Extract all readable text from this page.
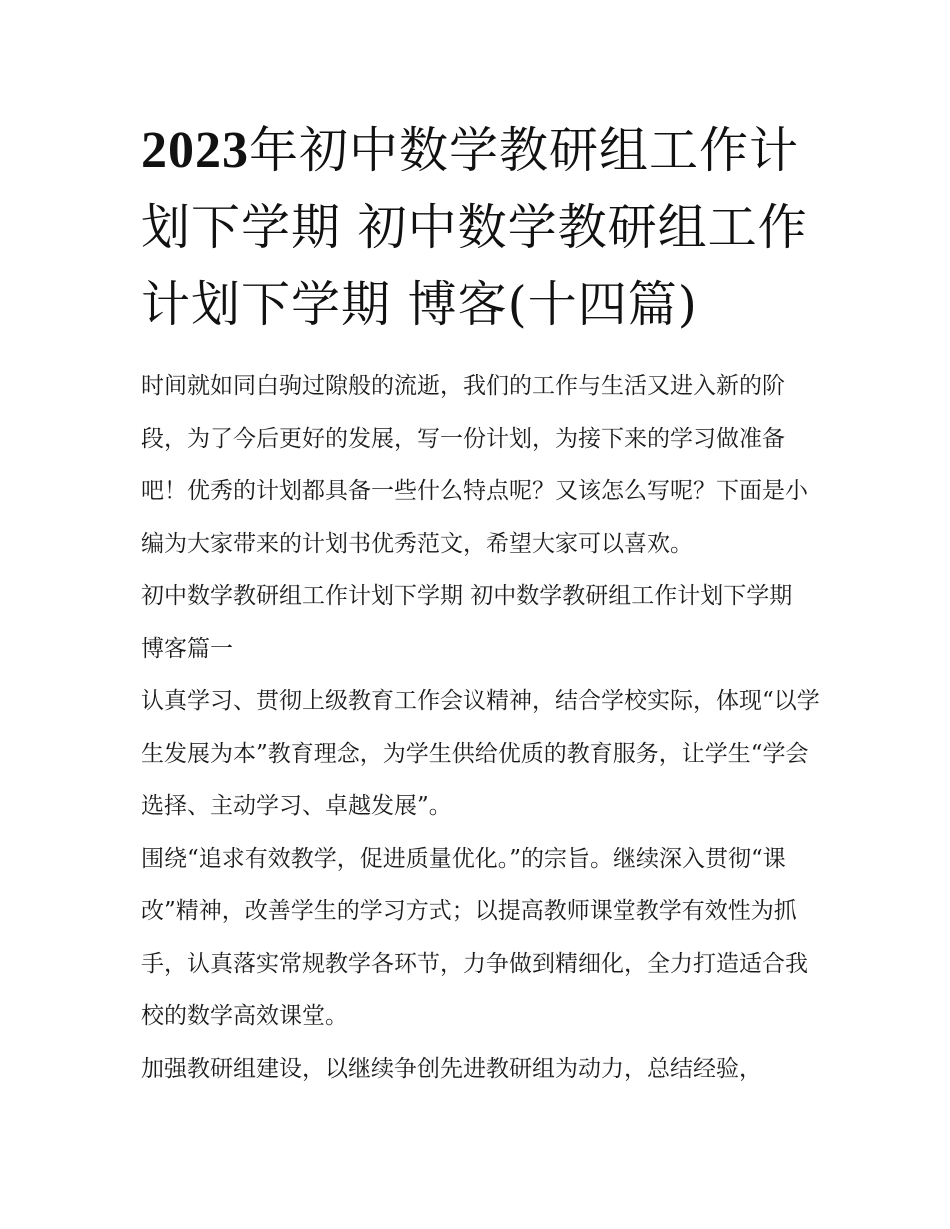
2023年初中数学教研组工作计划下学期 初中数学教研组工作计划下学期 博客(十四篇)

时间就如同白驹过隙般的流逝，我们的工作与生活又进入新的阶段，为了今后更好的发展，写一份计划，为接下来的学习做准备吧！优秀的计划都具备一些什么特点呢？又该怎么写呢？下面是小编为大家带来的计划书优秀范文，希望大家可以喜欢。

初中数学教研组工作计划下学期 初中数学教研组工作计划下学期 博客篇一

认真学习、贯彻上级教育工作会议精神，结合学校实际，体现“以学生发展为本”教育理念，为学生供给优质的教育服务，让学生“学会选择、主动学习、卓越发展”。

围绕“追求有效教学，促进质量优化。”的宗旨。继续深入贯彻“课改”精神，改善学生的学习方式；以提高教师课堂教学有效性为抓手，认真落实常规教学各环节，力争做到精细化，全力打造适合我校的数学高效课堂。

加强教研组建设，以继续争创先进教研组为动力，总结经验，
